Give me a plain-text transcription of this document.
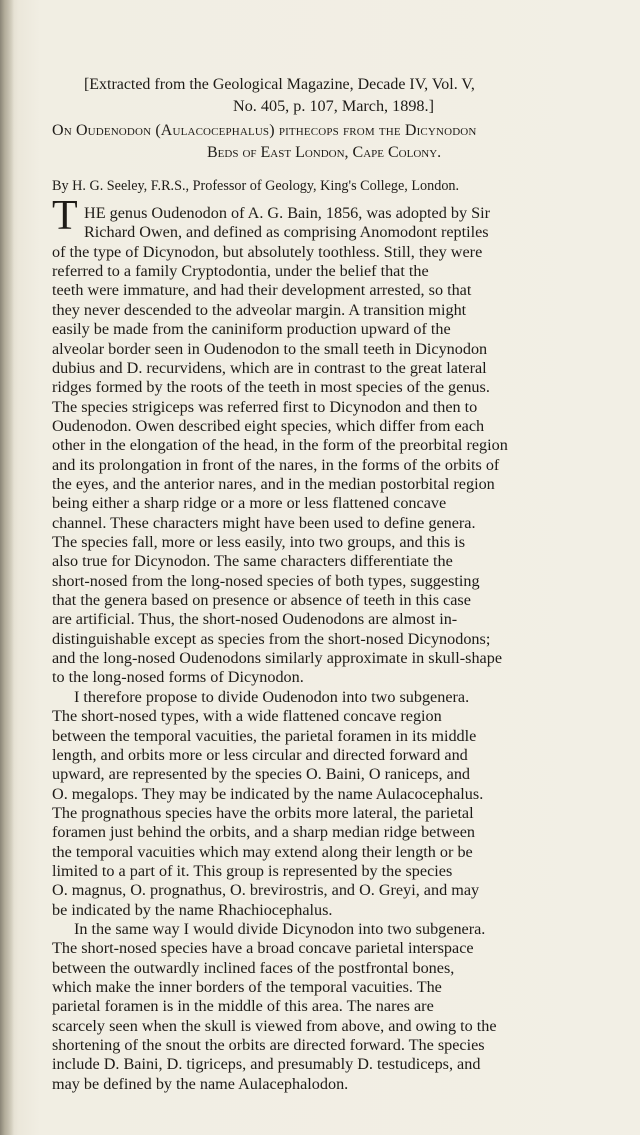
[Extracted from the Geological Magazine, Decade IV, Vol. V,
No. 405, p. 107, March, 1898.]
On Oudenodon (Aulacocephalus) pithecops from the Dicynodon
Beds of East London, Cape Colony.
By H. G. Seeley, F.R.S., Professor of Geology, King's College, London.
T HE genus Oudenodon of A. G. Bain, 1856, was adopted by Sir
Richard Owen, and defined as comprising Anomodont reptiles
of the type of Dicynodon, but absolutely toothless. Still, they were
referred to a family Cryptodontia, under the belief that the
teeth were immature, and had their development arrested, so that
they never descended to the adveolar margin. A transition might
easily be made from the caniniform production upward of the
alveolar border seen in Oudenodon to the small teeth in Dicynodon
dubius and D. recurvidens, which are in contrast to the great lateral
ridges formed by the roots of the teeth in most species of the genus.
The species strigiceps was referred first to Dicynodon and then to
Oudenodon. Owen described eight species, which differ from each
other in the elongation of the head, in the form of the preorbital region
and its prolongation in front of the nares, in the forms of the orbits of
the eyes, and the anterior nares, and in the median postorbital region
being either a sharp ridge or a more or less flattened concave
channel. These characters might have been used to define genera.
The species fall, more or less easily, into two groups, and this is
also true for Dicynodon. The same characters differentiate the
short-nosed from the long-nosed species of both types, suggesting
that the genera based on presence or absence of teeth in this case
are artificial. Thus, the short-nosed Oudenodons are almost in-
distinguishable except as species from the short-nosed Dicynodons;
and the long-nosed Oudenodons similarly approximate in skull-shape
to the long-nosed forms of Dicynodon.
I therefore propose to divide Oudenodon into two subgenera.
The short-nosed types, with a wide flattened concave region
between the temporal vacuities, the parietal foramen in its middle
length, and orbits more or less circular and directed forward and
upward, are represented by the species O. Baini, O raniceps, and
O. megalops. They may be indicated by the name Aulacocephalus.
The prognathous species have the orbits more lateral, the parietal
foramen just behind the orbits, and a sharp median ridge between
the temporal vacuities which may extend along their length or be
limited to a part of it. This group is represented by the species
O. magnus, O. prognathus, O. brevirostris, and O. Greyi, and may
be indicated by the name Rhachiocephalus.
In the same way I would divide Dicynodon into two subgenera.
The short-nosed species have a broad concave parietal interspace
between the outwardly inclined faces of the postfrontal bones,
which make the inner borders of the temporal vacuities. The
parietal foramen is in the middle of this area. The nares are
scarcely seen when the skull is viewed from above, and owing to the
shortening of the snout the orbits are directed forward. The species
include D. Baini, D. tigriceps, and presumably D. testudiceps, and
may be defined by the name Aulacephalodon.
